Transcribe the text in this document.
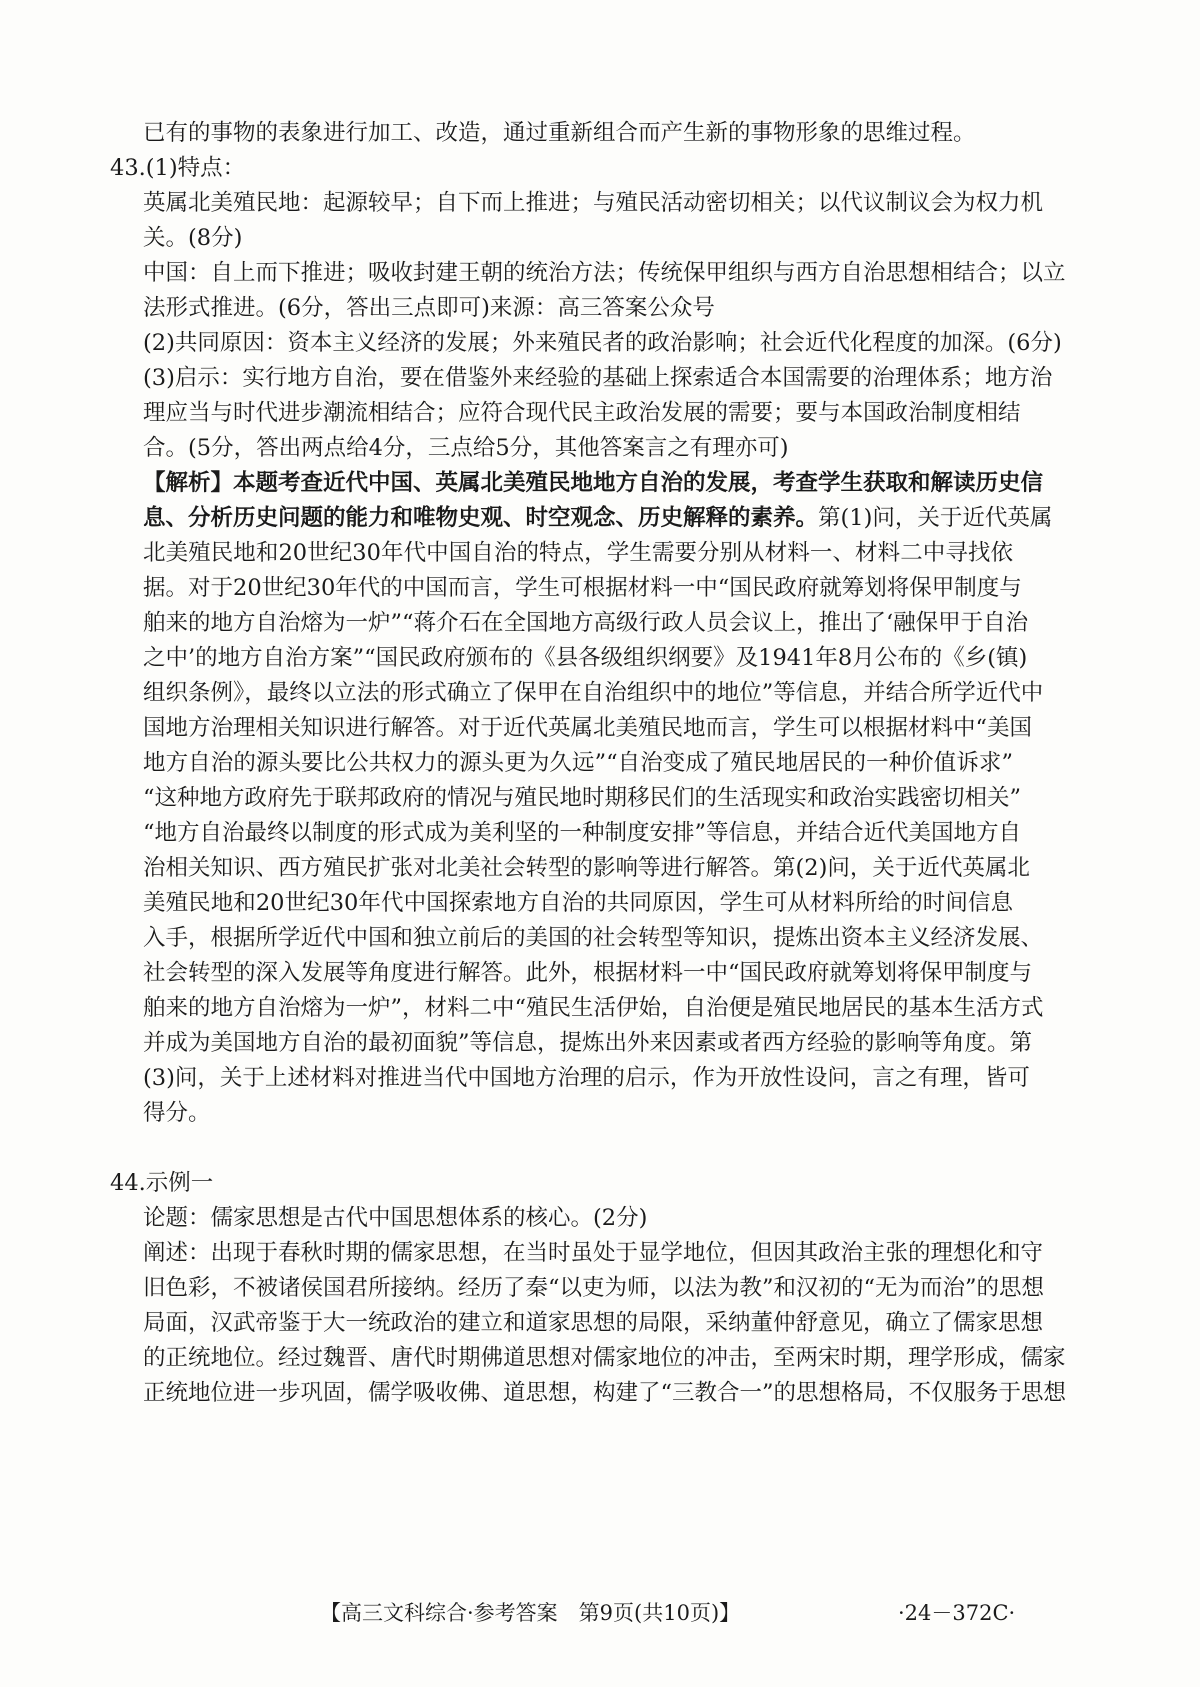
已有的事物的表象进行加工、改造，通过重新组合而产生新的事物形象的思维过程。
43.(1)特点：
英属北美殖民地：起源较早；自下而上推进；与殖民活动密切相关；以代议制议会为权力机
关。(8分)
中国：自上而下推进；吸收封建王朝的统治方法；传统保甲组织与西方自治思想相结合；以立
法形式推进。(6分，答出三点即可)来源：高三答案公众号
(2)共同原因：资本主义经济的发展；外来殖民者的政治影响；社会近代化程度的加深。(6分)
(3)启示：实行地方自治，要在借鉴外来经验的基础上探索适合本国需要的治理体系；地方治
理应当与时代进步潮流相结合；应符合现代民主政治发展的需要；要与本国政治制度相结
合。(5分，答出两点给4分，三点给5分，其他答案言之有理亦可)
【解析】本题考查近代中国、英属北美殖民地地方自治的发展，考查学生获取和解读历史信
息、分析历史问题的能力和唯物史观、时空观念、历史解释的素养。第(1)问，关于近代英属
北美殖民地和20世纪30年代中国自治的特点，学生需要分别从材料一、材料二中寻找依
据。对于20世纪30年代的中国而言，学生可根据材料一中“国民政府就筹划将保甲制度与
舶来的地方自治熔为一炉”“蒋介石在全国地方高级行政人员会议上，推出了‘融保甲于自治
之中’的地方自治方案”“国民政府颁布的《县各级组织纲要》及1941年8月公布的《乡(镇)
组织条例》，最终以立法的形式确立了保甲在自治组织中的地位”等信息，并结合所学近代中
国地方治理相关知识进行解答。对于近代英属北美殖民地而言，学生可以根据材料中“美国
地方自治的源头要比公共权力的源头更为久远”“自治变成了殖民地居民的一种价值诉求”
“这种地方政府先于联邦政府的情况与殖民地时期移民们的生活现实和政治实践密切相关”
“地方自治最终以制度的形式成为美利坚的一种制度安排”等信息，并结合近代美国地方自
治相关知识、西方殖民扩张对北美社会转型的影响等进行解答。第(2)问，关于近代英属北
美殖民地和20世纪30年代中国探索地方自治的共同原因，学生可从材料所给的时间信息
入手，根据所学近代中国和独立前后的美国的社会转型等知识，提炼出资本主义经济发展、
社会转型的深入发展等角度进行解答。此外，根据材料一中“国民政府就筹划将保甲制度与
舶来的地方自治熔为一炉”，材料二中“殖民生活伊始，自治便是殖民地居民的基本生活方式
并成为美国地方自治的最初面貌”等信息，提炼出外来因素或者西方经验的影响等角度。第
(3)问，关于上述材料对推进当代中国地方治理的启示，作为开放性设问，言之有理，皆可
得分。
44.示例一
论题：儒家思想是古代中国思想体系的核心。(2分)
阐述：出现于春秋时期的儒家思想，在当时虽处于显学地位，但因其政治主张的理想化和守
旧色彩，不被诸侯国君所接纳。经历了秦“以吏为师，以法为教”和汉初的“无为而治”的思想
局面，汉武帝鉴于大一统政治的建立和道家思想的局限，采纳董仲舒意见，确立了儒家思想
的正统地位。经过魏晋、唐代时期佛道思想对儒家地位的冲击，至两宋时期，理学形成，儒家
正统地位进一步巩固，儒学吸收佛、道思想，构建了“三教合一”的思想格局，不仅服务于思想
【高三文科综合·参考答案　第9页(共10页)】	·24－372C·
